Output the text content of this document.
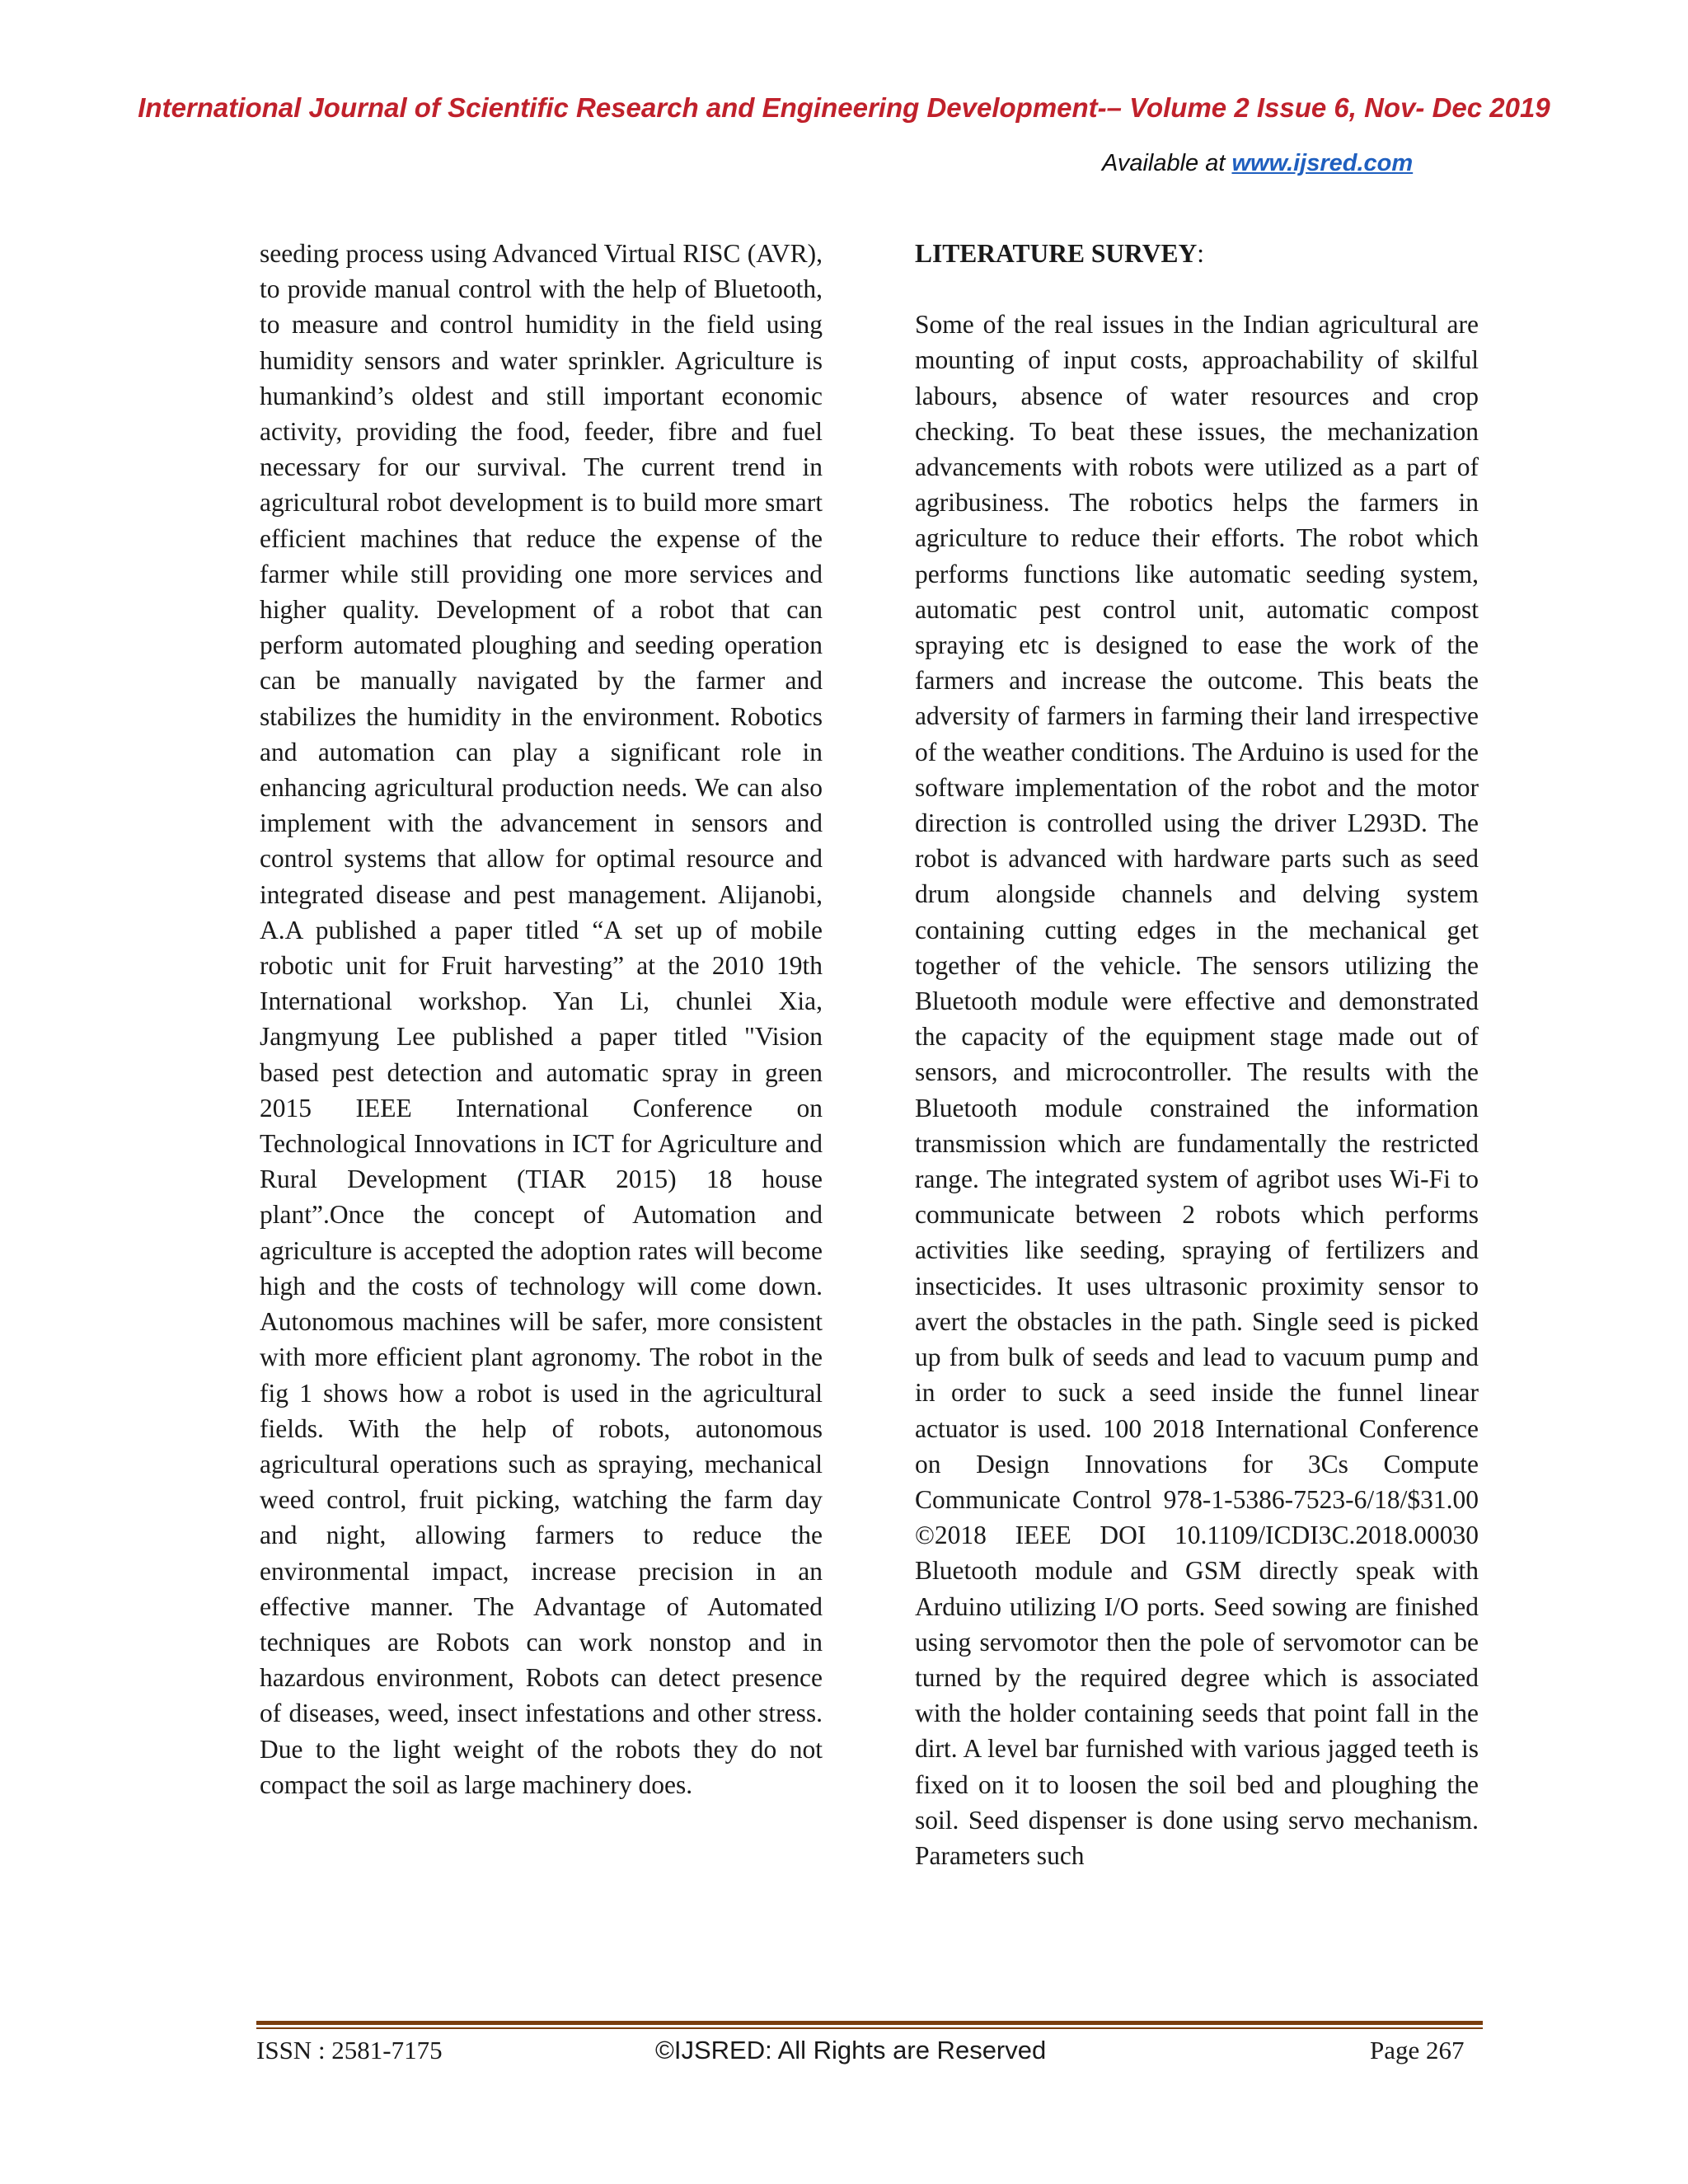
International Journal of Scientific Research and Engineering Development-– Volume 2 Issue 6, Nov- Dec 2019
Available at www.ijsred.com

seeding process using Advanced Virtual RISC (AVR), to provide manual control with the help of Bluetooth, to measure and control humidity in the field using humidity sensors and water sprinkler. Agriculture is humankind’s oldest and still important economic activity, providing the food, feeder, fibre and fuel necessary for our survival. The current trend in agricultural robot development is to build more smart efficient machines that reduce the expense of the farmer while still providing one more services and higher quality. Development of a robot that can perform automated ploughing and seeding operation can be manually navigated by the farmer and stabilizes the humidity in the environment. Robotics and automation can play a significant role in enhancing agricultural production needs. We can also implement with the advancement in sensors and control systems that allow for optimal resource and integrated disease and pest management. Alijanobi, A.A published a paper titled “A set up of mobile robotic unit for Fruit harvesting” at the 2010 19th International workshop. Yan Li, chunlei Xia, Jangmyung Lee published a paper titled "Vision based pest detection and automatic spray in green 2015 IEEE International Conference on Technological Innovations in ICT for Agriculture and Rural Development (TIAR 2015) 18 house plant”.Once the concept of Automation and agriculture is accepted the adoption rates will become high and the costs of technology will come down. Autonomous machines will be safer, more consistent with more efficient plant agronomy. The robot in the fig 1 shows how a robot is used in the agricultural fields. With the help of robots, autonomous agricultural operations such as spraying, mechanical weed control, fruit picking, watching the farm day and night, allowing farmers to reduce the environmental impact, increase precision in an effective manner. The Advantage of Automated techniques are Robots can work nonstop and in hazardous environment, Robots can detect presence of diseases, weed, insect infestations and other stress. Due to the light weight of the robots they do not compact the soil as large machinery does.

LITERATURE SURVEY:

Some of the real issues in the Indian agricultural are mounting of input costs, approachability of skilful labours, absence of water resources and crop checking. To beat these issues, the mechanization advancements with robots were utilized as a part of agribusiness. The robotics helps the farmers in agriculture to reduce their efforts. The robot which performs functions like automatic seeding system, automatic pest control unit, automatic compost spraying etc is designed to ease the work of the farmers and increase the outcome. This beats the adversity of farmers in farming their land irrespective of the weather conditions. The Arduino is used for the software implementation of the robot and the motor direction is controlled using the driver L293D. The robot is advanced with hardware parts such as seed drum alongside channels and delving system containing cutting edges in the mechanical get together of the vehicle. The sensors utilizing the Bluetooth module were effective and demonstrated the capacity of the equipment stage made out of sensors, and microcontroller. The results with the Bluetooth module constrained the information transmission which are fundamentally the restricted range. The integrated system of agribot uses Wi-Fi to communicate between 2 robots which performs activities like seeding, spraying of fertilizers and insecticides. It uses ultrasonic proximity sensor to avert the obstacles in the path. Single seed is picked up from bulk of seeds and lead to vacuum pump and in order to suck a seed inside the funnel linear actuator is used. 100 2018 International Conference on Design Innovations for 3Cs Compute Communicate Control 978-1-5386-7523-6/18/$31.00 ©2018 IEEE DOI 10.1109/ICDI3C.2018.00030 Bluetooth module and GSM directly speak with Arduino utilizing I/O ports. Seed sowing are finished using servomotor then the pole of servomotor can be turned by the required degree which is associated with the holder containing seeds that point fall in the dirt. A level bar furnished with various jagged teeth is fixed on it to loosen the soil bed and ploughing the soil. Seed dispenser is done using servo mechanism. Parameters such

ISSN : 2581-7175	©IJSRED: All Rights are Reserved	Page 267
